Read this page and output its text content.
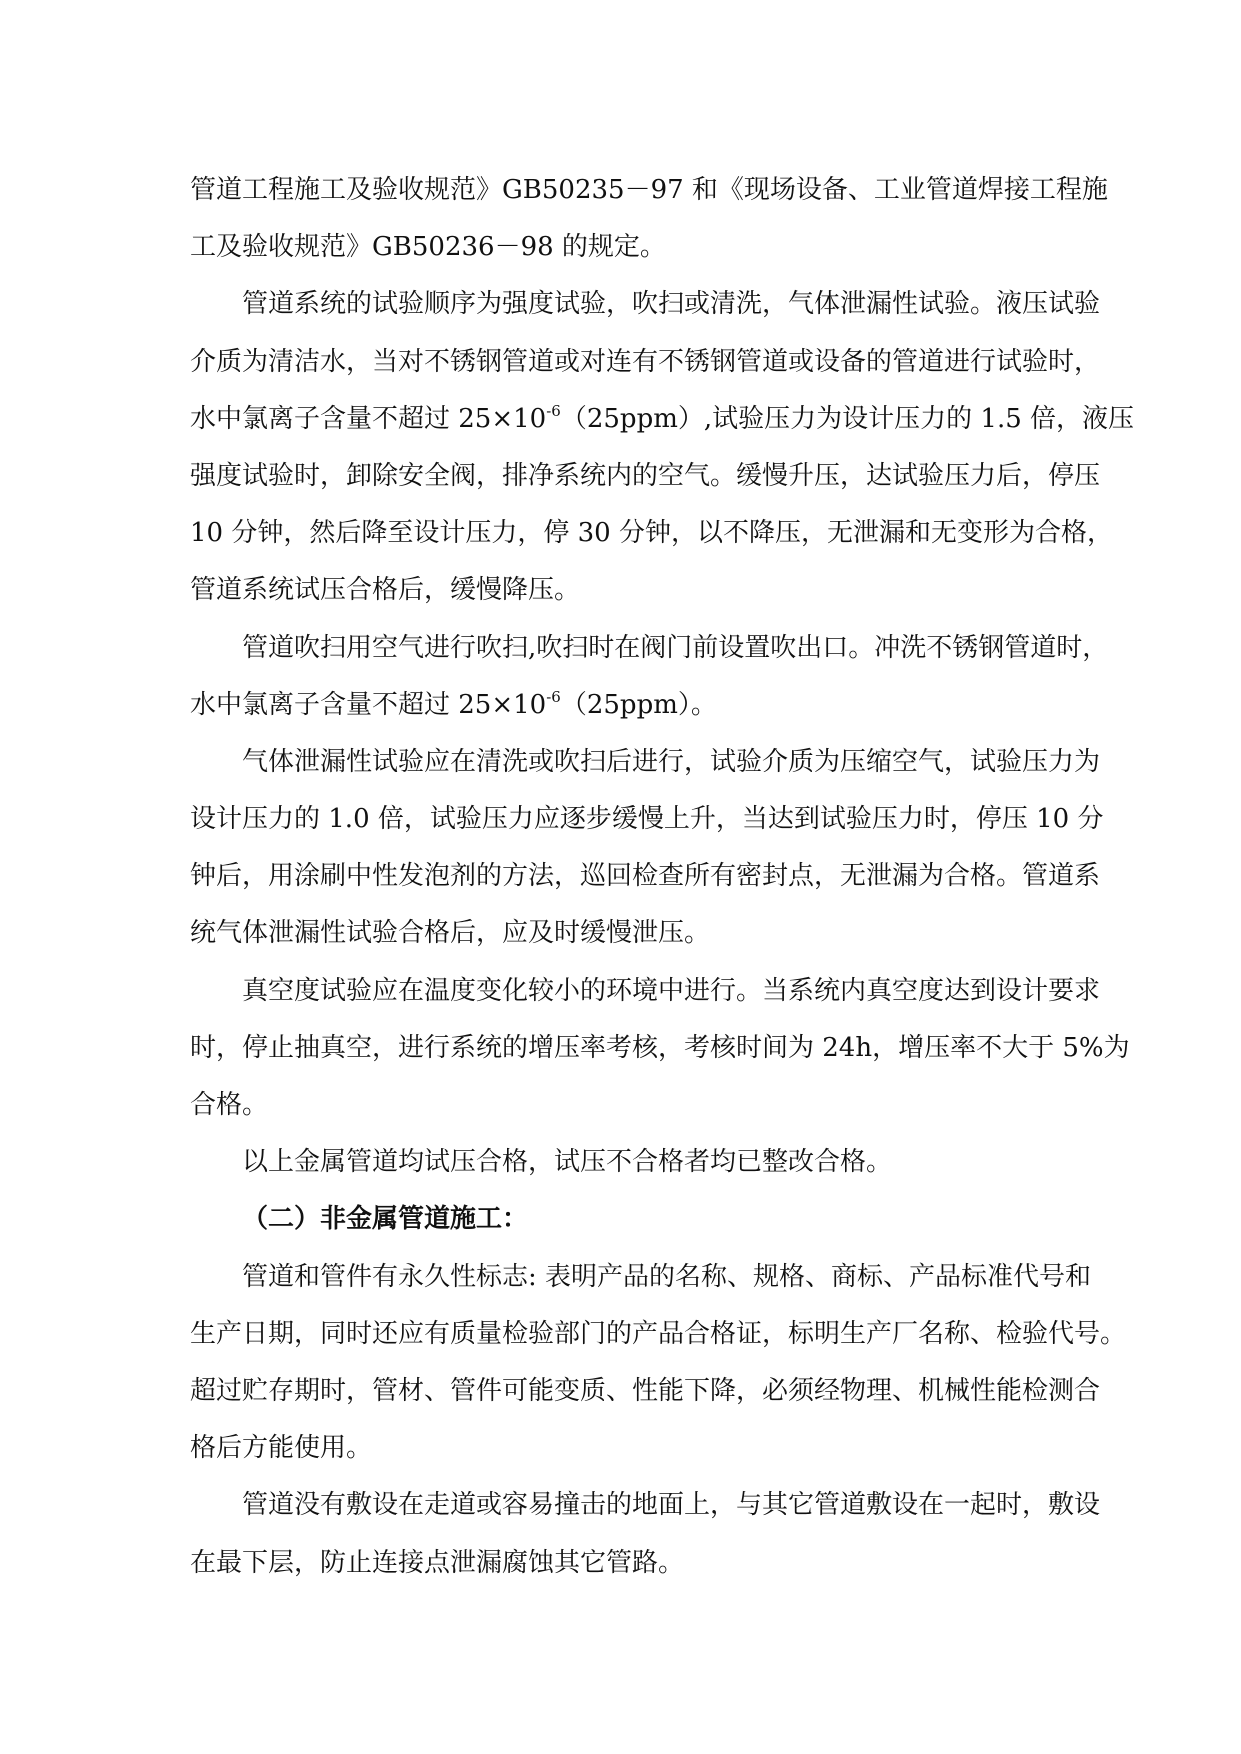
管道工程施工及验收规范》GB50235－97 和《现场设备、工业管道焊接工程施
工及验收规范》GB50236－98 的规定。
管道系统的试验顺序为强度试验，吹扫或清洗，气体泄漏性试验。液压试验
介质为清洁水，当对不锈钢管道或对连有不锈钢管道或设备的管道进行试验时，
水中氯离子含量不超过 $25\times 10^{-6}(25ppm)$,试验压力为设计压力的 1.5 倍，液压
强度试验时，卸除安全阀，排净系统内的空气。缓慢升压，达试验压力后，停压
10 分钟，然后降至设计压力，停 30 分钟，以不降压，无泄漏和无变形为合格，
管道系统试压合格后，缓慢降压。
管道吹扫用空气进行吹扫,吹扫时在阀门前设置吹出口。冲洗不锈钢管道时，
水中氯离子含量不超过 $25\times 10^{-6}(25ppm)$。
气体泄漏性试验应在清洗或吹扫后进行，试验介质为压缩空气，试验压力为
设计压力的 1.0 倍，试验压力应逐步缓慢上升，当达到试验压力时，停压 10 分
钟后，用涂刷中性发泡剂的方法，巡回检查所有密封点，无泄漏为合格。管道系
统气体泄漏性试验合格后，应及时缓慢泄压。
真空度试验应在温度变化较小的环境中进行。当系统内真空度达到设计要求
时，停止抽真空，进行系统的增压率考核，考核时间为 24h，增压率不大于 5%为
合格。
以上金属管道均试压合格，试压不合格者均已整改合格。
（二）非金属管道施工：
管道和管件有永久性标志: 表明产品的名称、规格、商标、产品标准代号和
生产日期，同时还应有质量检验部门的产品合格证，标明生产厂名称、检验代号。
超过贮存期时，管材、管件可能变质、性能下降，必须经物理、机械性能检测合
格后方能使用。
管道没有敷设在走道或容易撞击的地面上，与其它管道敷设在一起时，敷设
在最下层，防止连接点泄漏腐蚀其它管路。
